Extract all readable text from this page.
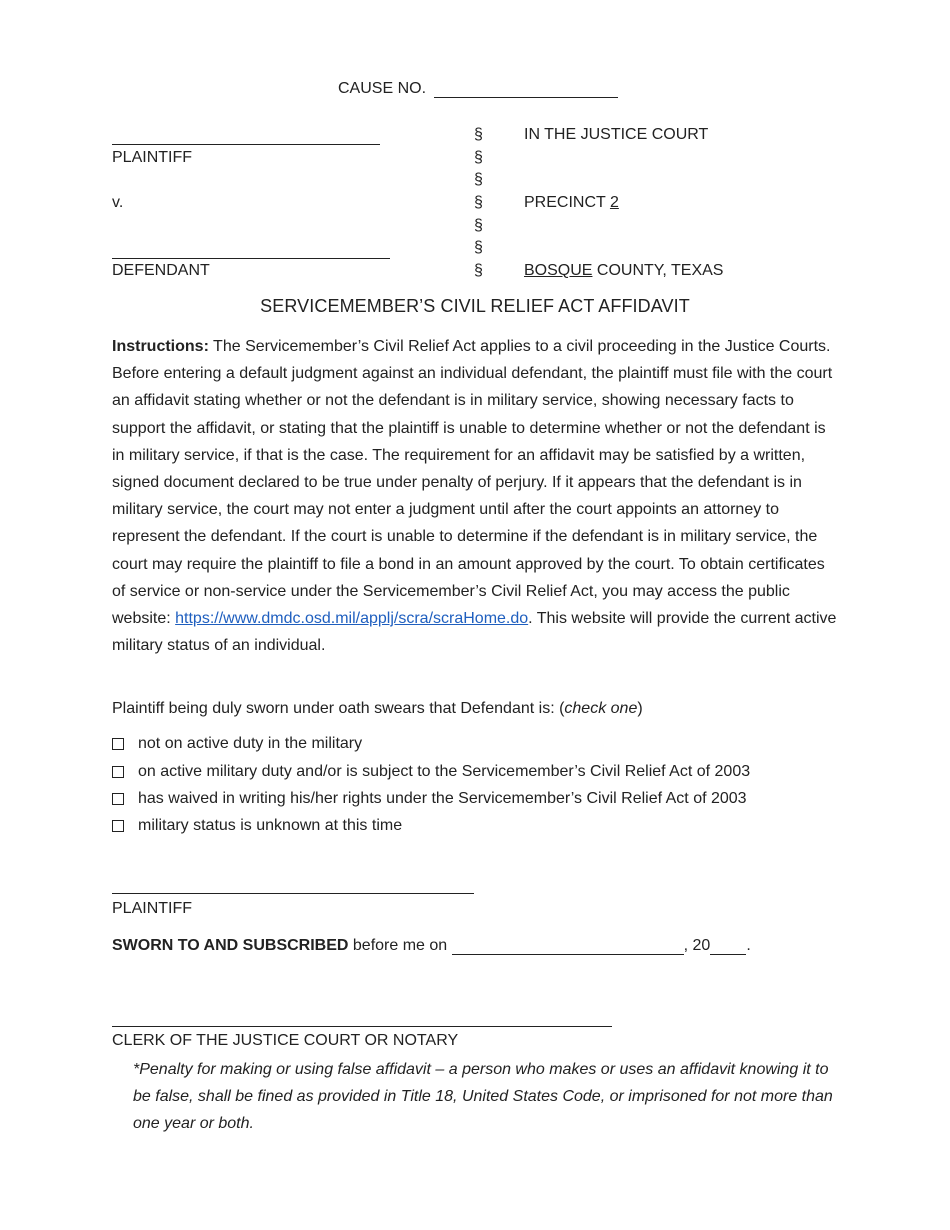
CAUSE NO.
PLAINTIFF
v.
DEFENDANT
§
§
§
§
§
§
§
IN THE JUSTICE COURT
PRECINCT 2
BOSQUE COUNTY, TEXAS
SERVICEMEMBER’S CIVIL RELIEF ACT AFFIDAVIT
Instructions: The Servicemember’s Civil Relief Act applies to a civil proceeding in the Justice Courts. Before entering a default judgment against an individual defendant, the plaintiff must file with the court an affidavit stating whether or not the defendant is in military service, showing necessary facts to support the affidavit, or stating that the plaintiff is unable to determine whether or not the defendant is in military service, if that is the case. The requirement for an affidavit may be satisfied by a written, signed document declared to be true under penalty of perjury. If it appears that the defendant is in military service, the court may not enter a judgment until after the court appoints an attorney to represent the defendant. If the court is unable to determine if the defendant is in military service, the court may require the plaintiff to file a bond in an amount approved by the court. To obtain certificates of service or non-service under the Servicemember’s Civil Relief Act, you may access the public website: https://www.dmdc.osd.mil/applj/scra/scraHome.do. This website will provide the current active military status of an individual.
Plaintiff being duly sworn under oath swears that Defendant is: (check one)
not on active duty in the military
on active military duty and/or is subject to the Servicemember’s Civil Relief Act of 2003
has waived in writing his/her rights under the Servicemember’s Civil Relief Act of 2003
military status is unknown at this time
PLAINTIFF
SWORN TO AND SUBSCRIBED before me on	, 20 .
CLERK OF THE JUSTICE COURT OR NOTARY
*Penalty for making or using false affidavit – a person who makes or uses an affidavit knowing it to be false, shall be fined as provided in Title 18, United States Code, or imprisoned for not more than one year or both.
